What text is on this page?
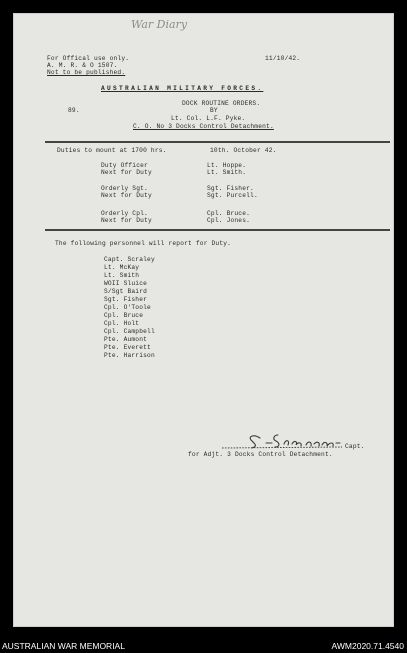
War Diary
For Offical use only.
A. M. R. & O 1507.
Not to be published.
11/10/42.
AUSTRALIAN MILITARY FORCES.
89.
DOCK ROUTINE ORDERS.
BY
Lt. Col. L.F. Pyke.
C. O. No 3 Docks Control Detachment.
Duties to mount at 1700 hrs.	10th. October 42.
Duty Officer	Lt. Hoppe.
Next for Duty	Lt. Smith.
Orderly Sgt.	Sgt. Fisher.
Next for Duty	Sgt. Purcell.
Orderly Cpl.	Cpl. Bruce.
Next for Duty	Cpl. Jones.
The following personnel will report for Duty.
Capt. Scraley
Lt. McKay
Lt. Smith
WOII Sluice
S/Sgt Baird
Sgt. Fisher
Cpl. O'Toole
Cpl. Bruce
Cpl. Holt
Cpl. Campbell
Pte. Aumont
Pte. Everett
Pte. Harrison
Capt.
for Adjt. 3 Docks Control Detachment.
AUSTRALIAN WAR MEMORIAL	AWM2020.71.4540
